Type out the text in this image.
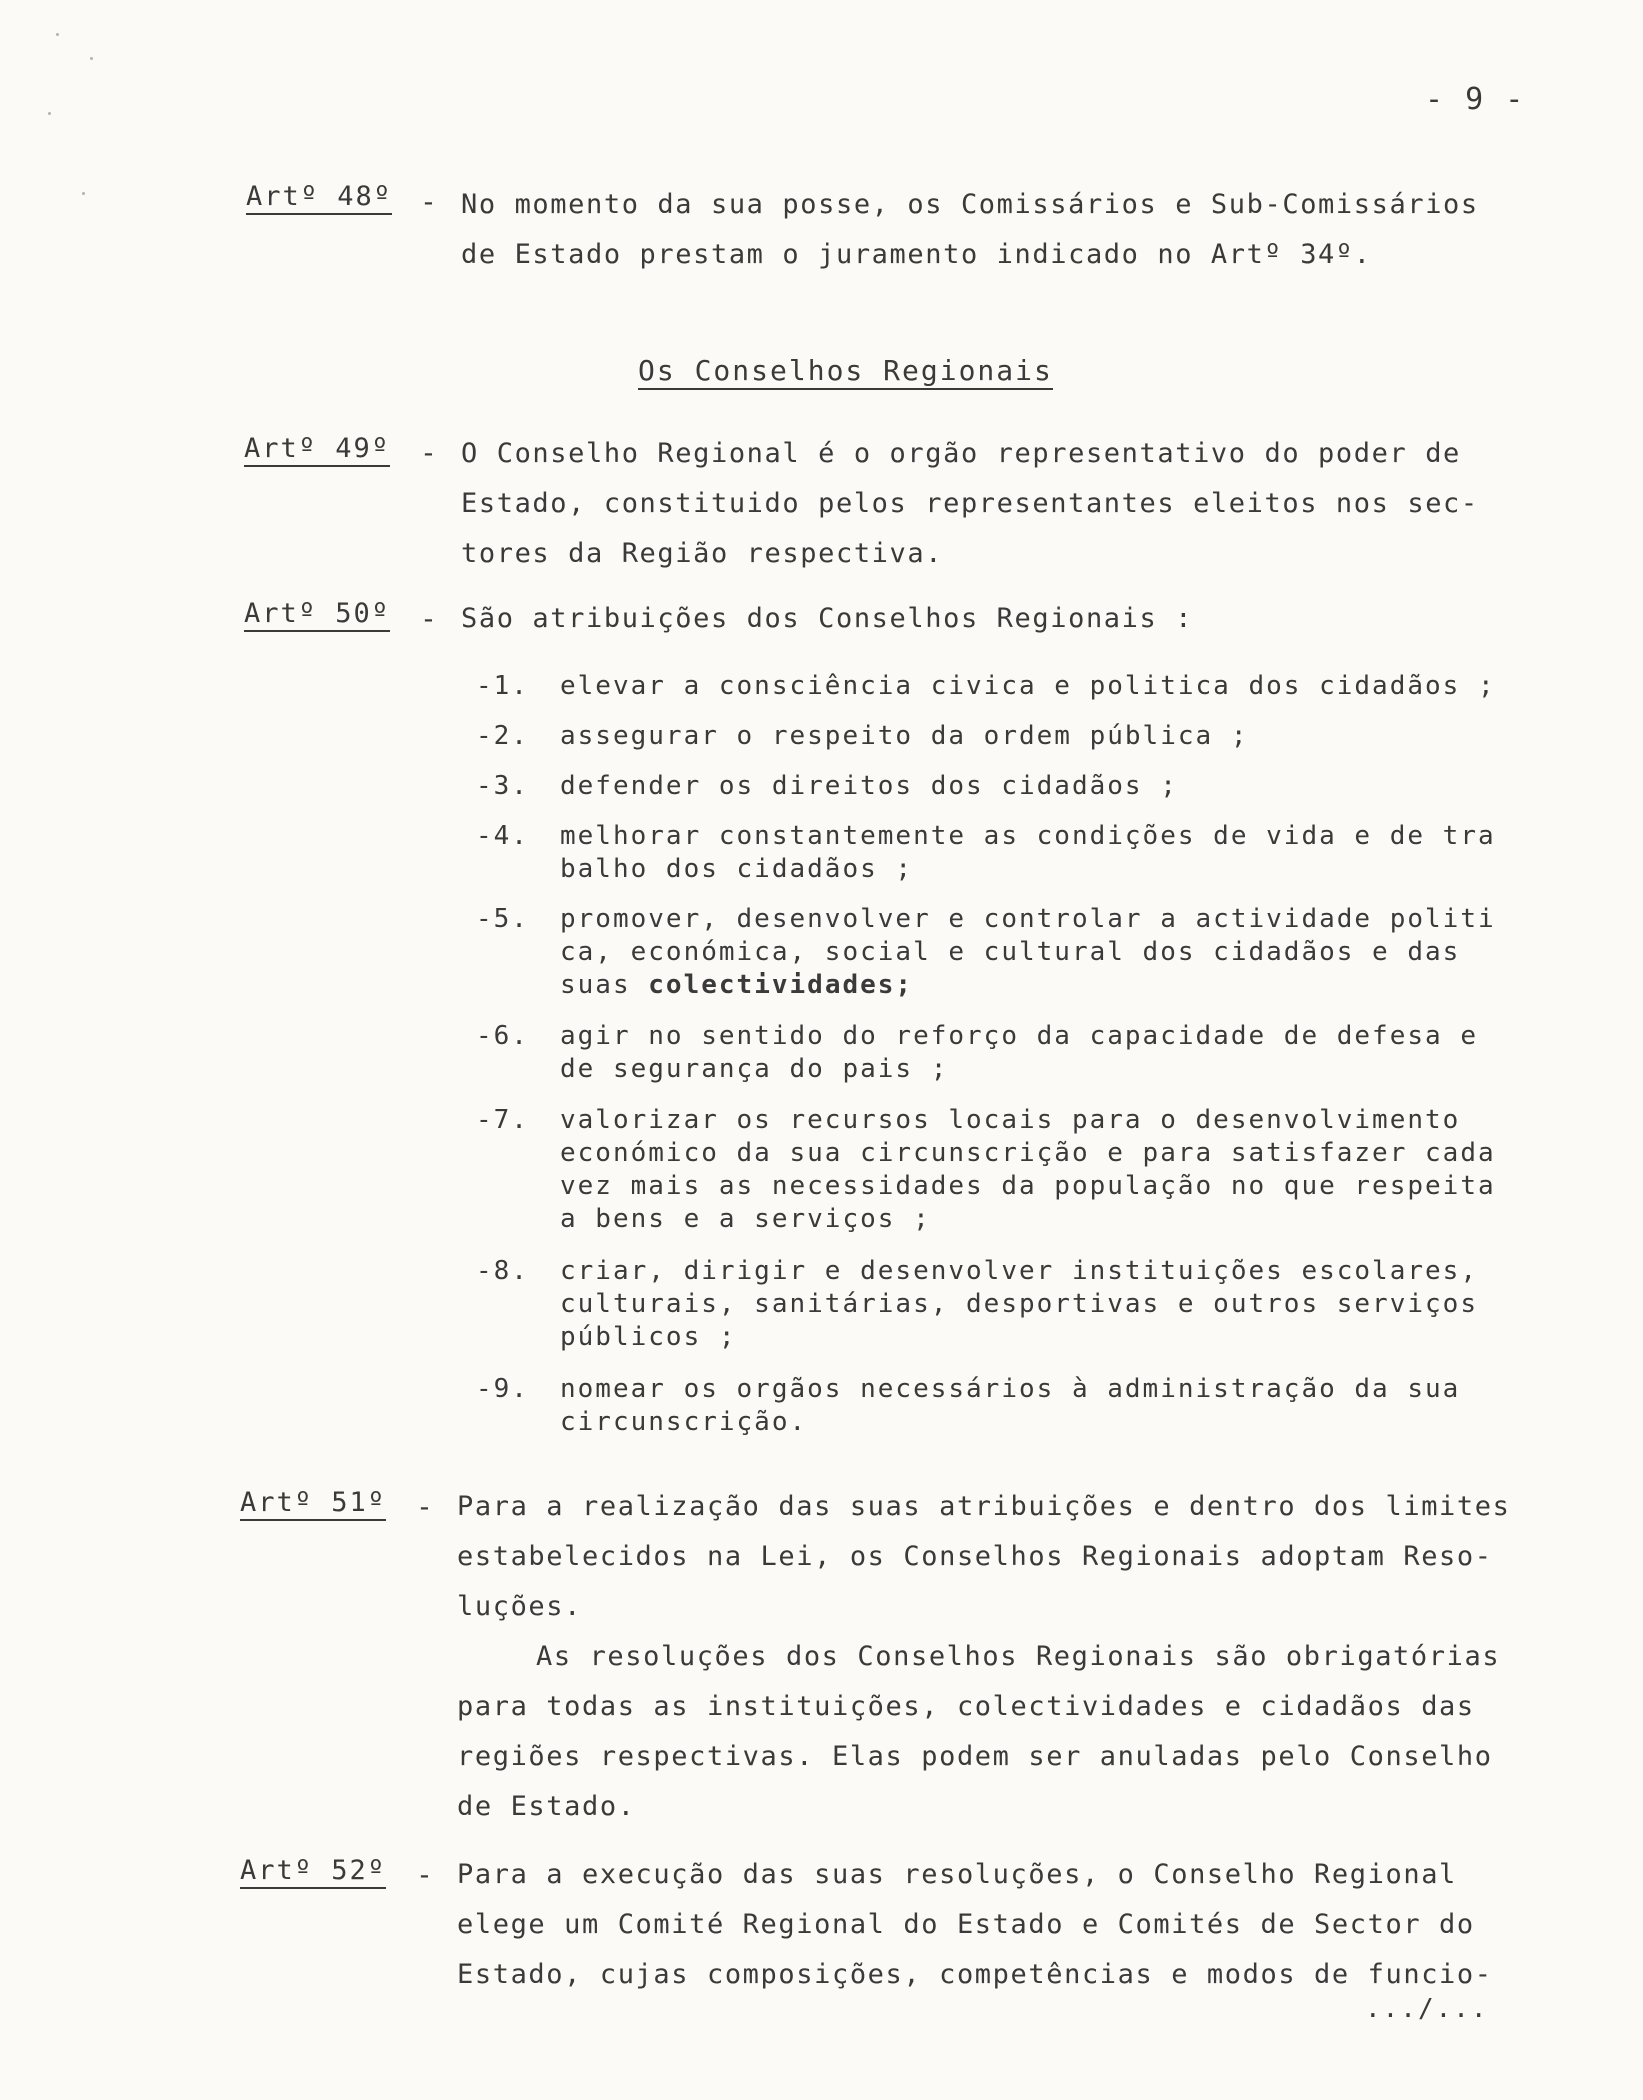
- 9 -
Artº 48º - No momento da sua posse, os Comissários e Sub-Comissários
de Estado prestam o juramento indicado no Artº 34º.
Os Conselhos Regionais
Artº 49º - O Conselho Regional é o orgão representativo do poder de
Estado, constituido pelos representantes eleitos nos sec-
tores da Região respectiva.
Artº 50º - São atribuições dos Conselhos Regionais :
-1. elevar a consciência civica e politica dos cidadãos ;
-2. assegurar o respeito da ordem pública ;
-3. defender os direitos dos cidadãos ;
-4. melhorar constantemente as condições de vida e de tra
balho dos cidadãos ;
-5. promover, desenvolver e controlar a actividade politi
ca, económica, social e cultural dos cidadãos e das
suas colectividades;
-6. agir no sentido do reforço da capacidade de defesa e
de segurança do pais ;
-7. valorizar os recursos locais para o desenvolvimento
económico da sua circunscrição e para satisfazer cada
vez mais as necessidades da população no que respeita
a bens e a serviços ;
-8. criar, dirigir e desenvolver instituições escolares,
culturais, sanitárias, desportivas e outros serviços
públicos ;
-9. nomear os orgãos necessários à administração da sua
circunscrição.
Artº 51º - Para a realização das suas atribuições e dentro dos limites
estabelecidos na Lei, os Conselhos Regionais adoptam Reso-
luções.
As resoluções dos Conselhos Regionais são obrigatórias
para todas as instituições, colectividades e cidadãos das
regiões respectivas. Elas podem ser anuladas pelo Conselho
de Estado.
Artº 52º - Para a execução das suas resoluções, o Conselho Regional
elege um Comité Regional do Estado e Comités de Sector do
Estado, cujas composições, competências e modos de funcio-
.../...
